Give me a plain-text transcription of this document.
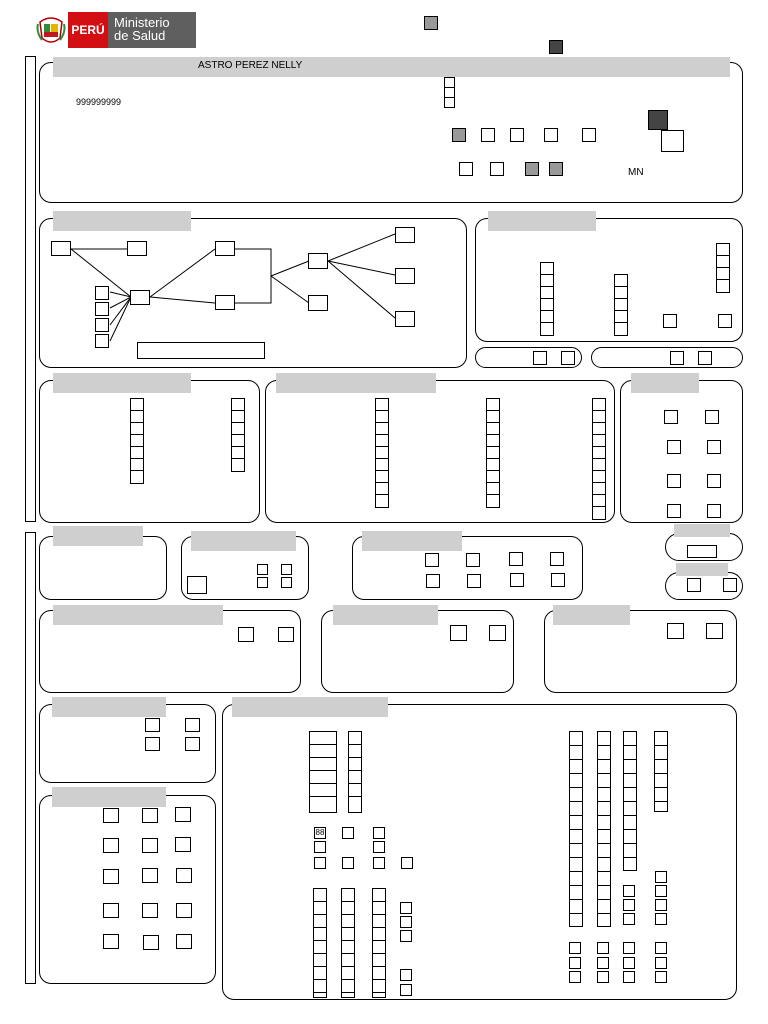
PERÚ Ministerio
de Salud
ASTRO PEREZ NELLY
999999999
MN
88
